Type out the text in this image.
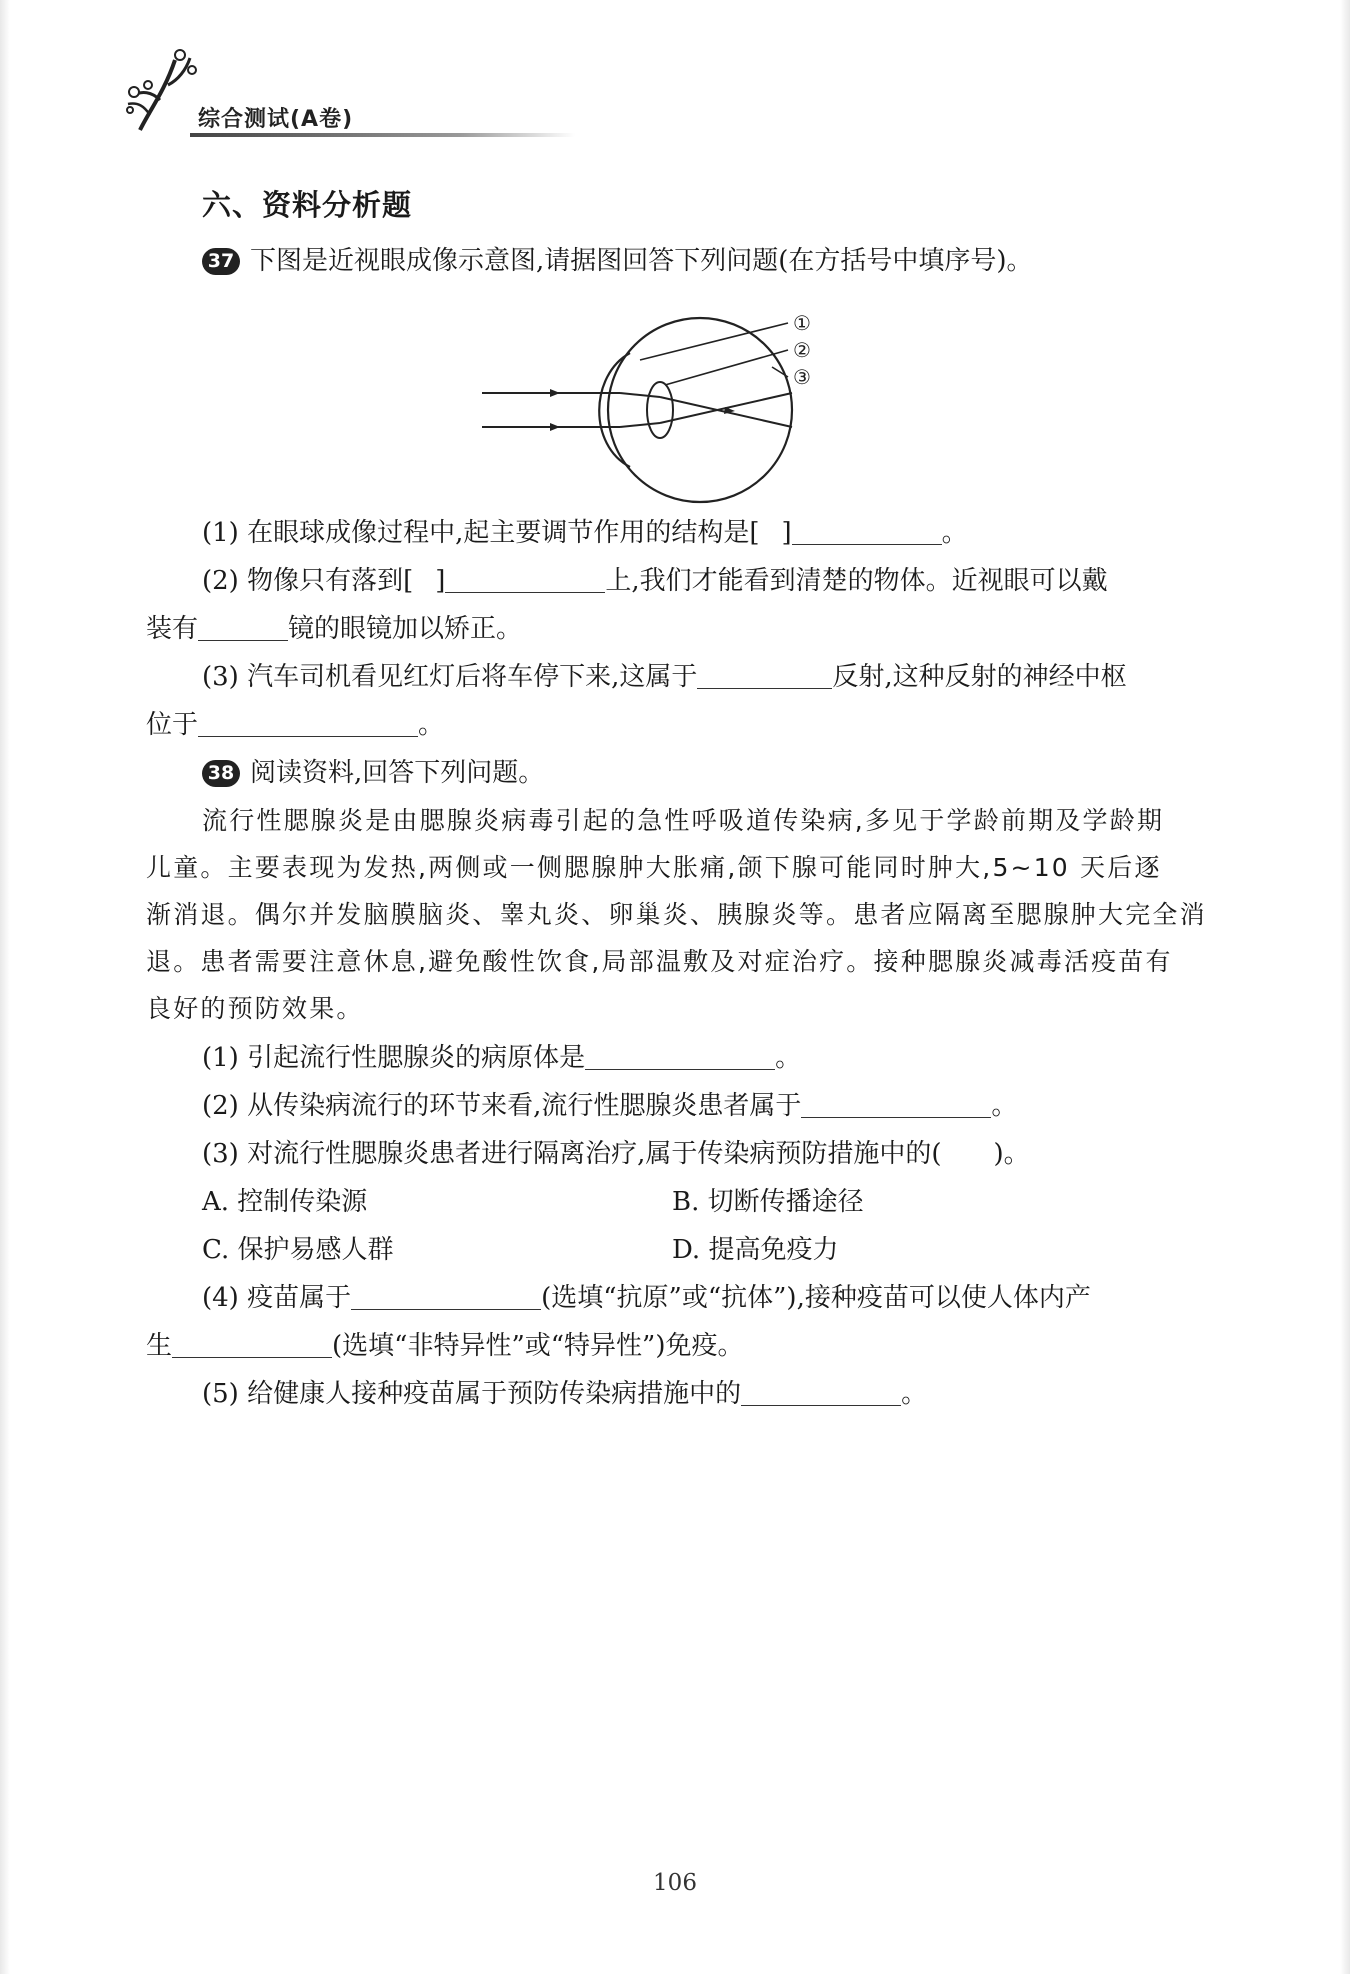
综合测试(A卷)
六、资料分析题
37 下图是近视眼成像示意图,请据图回答下列问题(在方括号中填序号)。
①
②
③
(1) 在眼球成像过程中,起主要调节作用的结构是[ ]	。
(2) 物像只有落到[ ]	上,我们才能看到清楚的物体。近视眼可以戴
装有	镜的眼镜加以矫正。
(3) 汽车司机看见红灯后将车停下来,这属于	反射,这种反射的神经中枢
位于	。
38 阅读资料,回答下列问题。
流行性腮腺炎是由腮腺炎病毒引起的急性呼吸道传染病,多见于学龄前期及学龄期
儿童。主要表现为发热,两侧或一侧腮腺肿大胀痛,颌下腺可能同时肿大,5~10 天后逐
渐消退。偶尔并发脑膜脑炎、睾丸炎、卵巢炎、胰腺炎等。患者应隔离至腮腺肿大完全消
退。患者需要注意休息,避免酸性饮食,局部温敷及对症治疗。接种腮腺炎减毒活疫苗有
良好的预防效果。
(1) 引起流行性腮腺炎的病原体是	。
(2) 从传染病流行的环节来看,流行性腮腺炎患者属于	。
(3) 对流行性腮腺炎患者进行隔离治疗,属于传染病预防措施中的(　　)。
A. 控制传染源	B. 切断传播途径
C. 保护易感人群	D. 提高免疫力
(4) 疫苗属于	(选填“抗原”或“抗体”),接种疫苗可以使人体内产
生	(选填“非特异性”或“特异性”)免疫。
(5) 给健康人接种疫苗属于预防传染病措施中的	。
106
